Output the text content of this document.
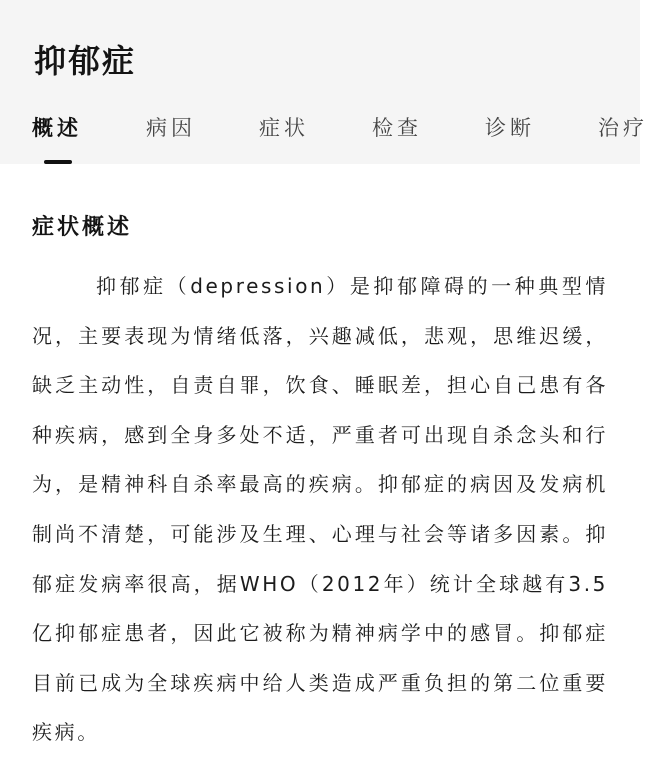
抑郁症
概述	病因	症状	检查	诊断	治疗
症状概述

抑郁症（depression）是抑郁障碍的一种典型情况，主要表现为情绪低落，兴趣减低，悲观，思维迟缓，缺乏主动性，自责自罪，饮食、睡眠差，担心自己患有各种疾病，感到全身多处不适，严重者可出现自杀念头和行为，是精神科自杀率最高的疾病。抑郁症的病因及发病机制尚不清楚，可能涉及生理、心理与社会等诸多因素。抑郁症发病率很高，据WHO（2012年）统计全球越有3.5亿抑郁症患者，因此它被称为精神病学中的感冒。抑郁症目前已成为全球疾病中给人类造成严重负担的第二位重要疾病。
